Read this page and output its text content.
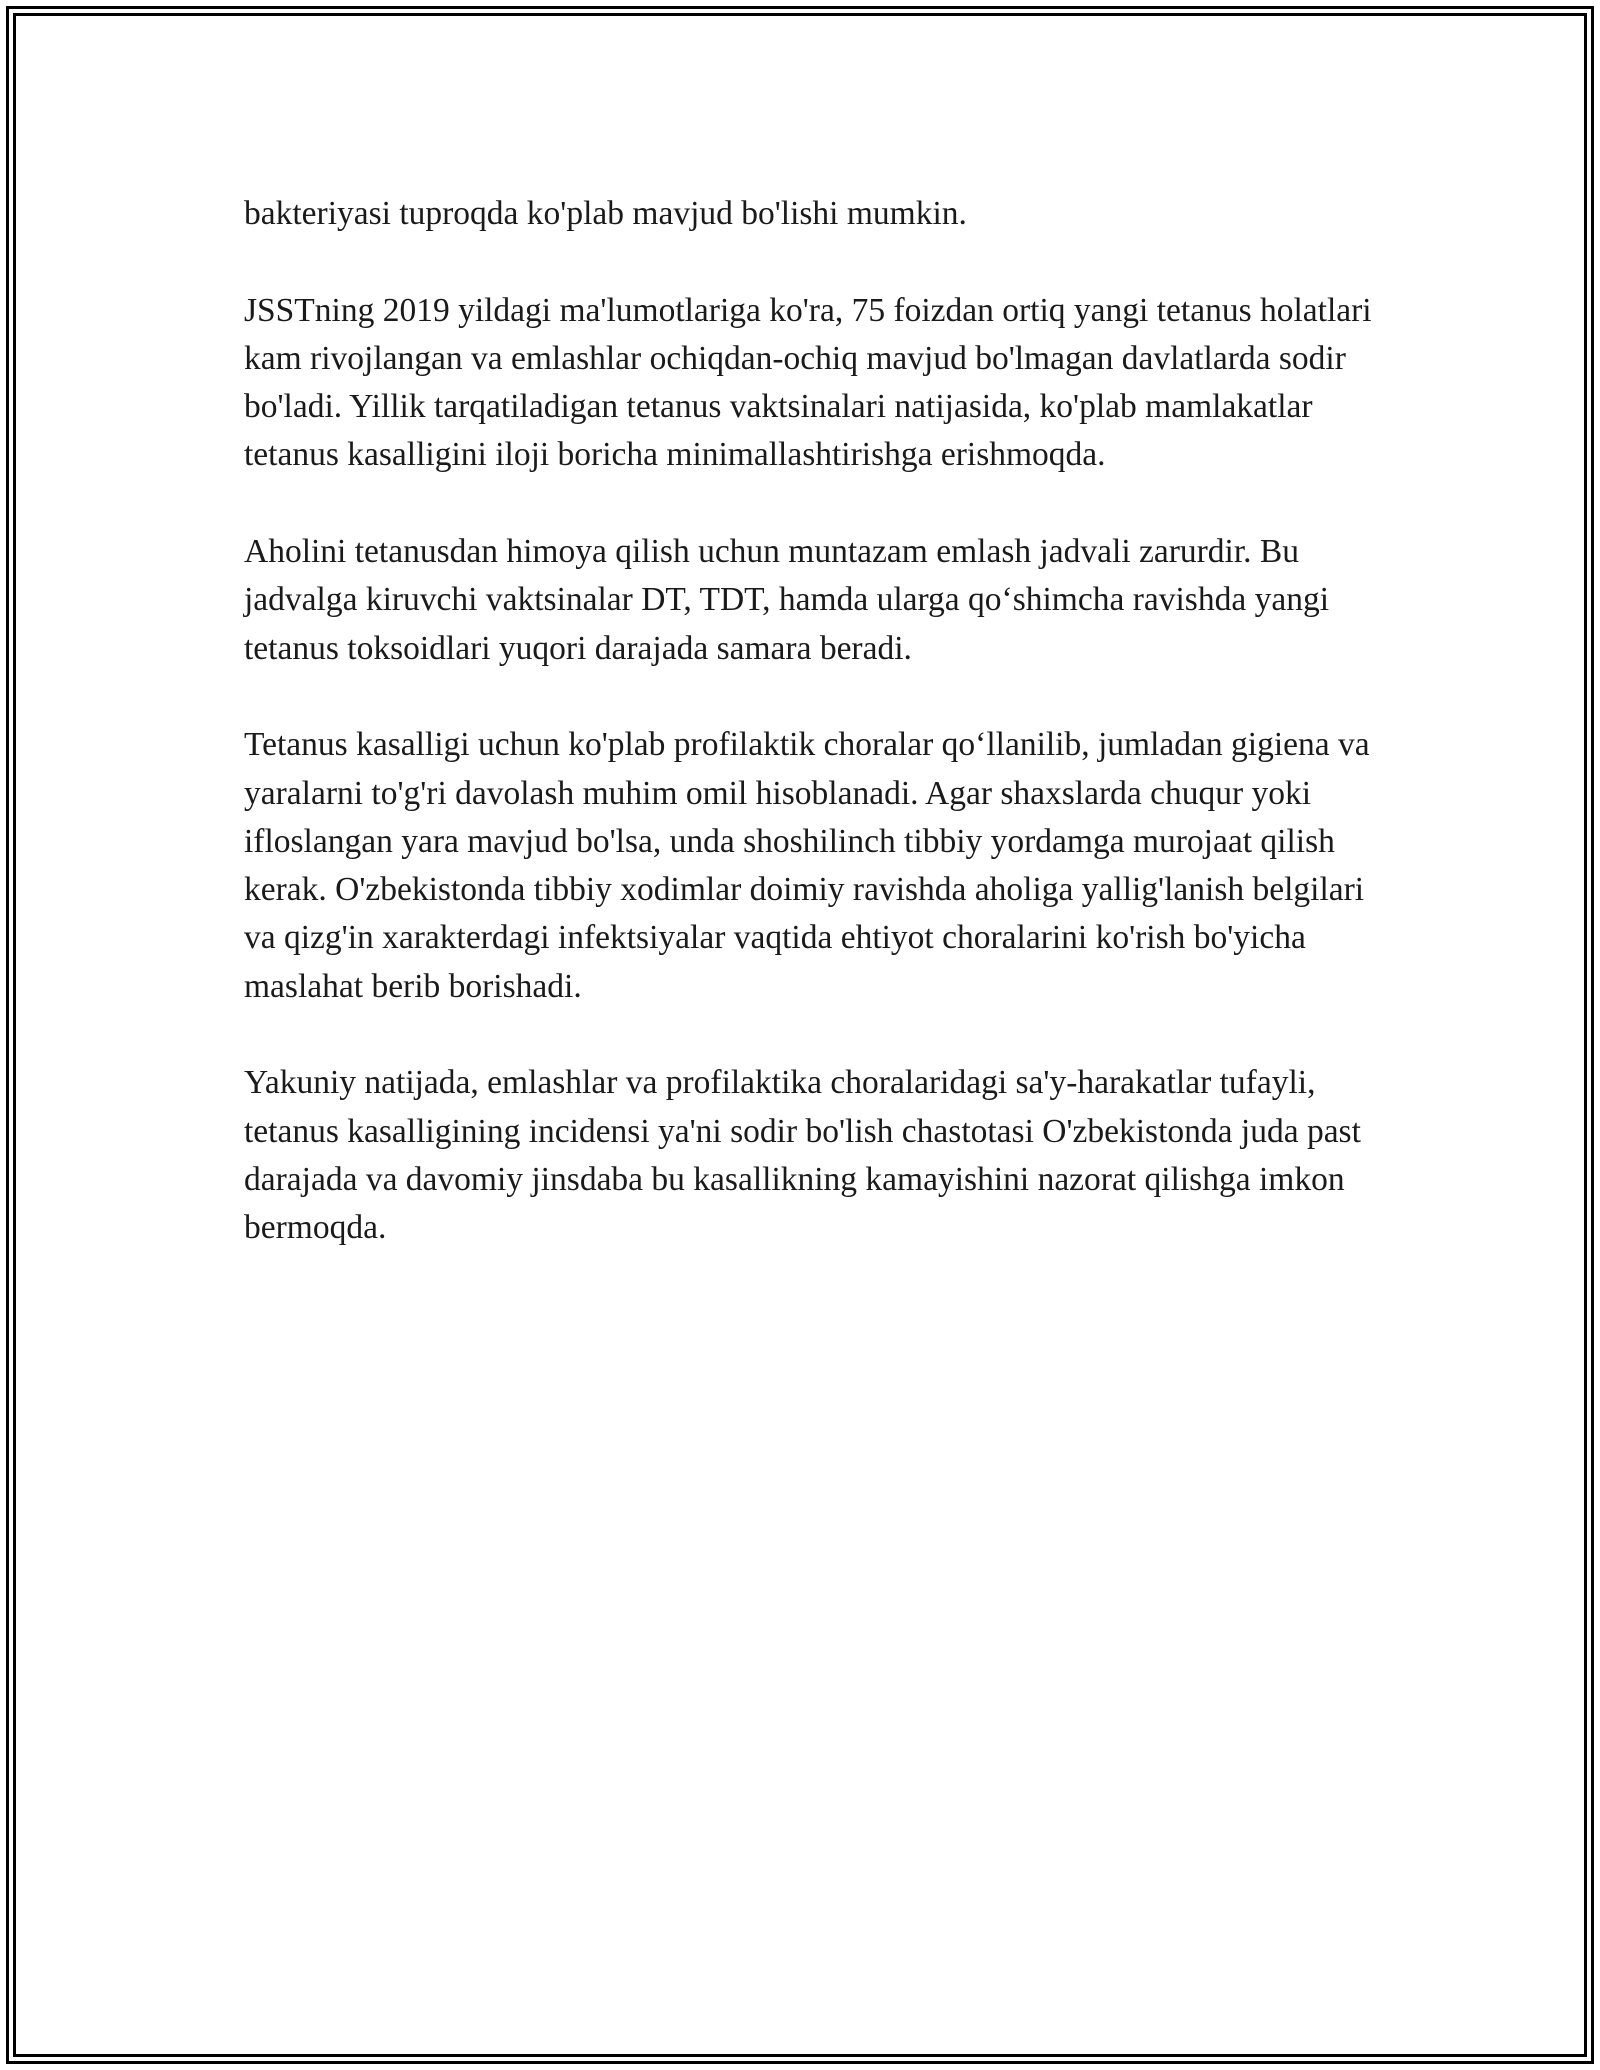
bakteriyasi tuproqda ko'plab mavjud bo'lishi mumkin.

JSSTning 2019 yildagi ma'lumotlariga ko'ra, 75 foizdan ortiq yangi tetanus holatlari kam rivojlangan va emlashlar ochiqdan-ochiq mavjud bo'lmagan davlatlarda sodir bo'ladi. Yillik tarqatiladigan tetanus vaktsinalari natijasida, ko'plab mamlakatlar tetanus kasalligini iloji boricha minimallashtirishga erishmoqda.

Aholini tetanusdan himoya qilish uchun muntazam emlash jadvali zarurdir. Bu jadvalga kiruvchi vaktsinalar DT, TDT, hamda ularga qo‘shimcha ravishda yangi tetanus toksoidlari yuqori darajada samara beradi.

Tetanus kasalligi uchun ko'plab profilaktik choralar qo‘llanilib, jumladan gigiena va yaralarni to'g'ri davolash muhim omil hisoblanadi. Agar shaxslarda chuqur yoki ifloslangan yara mavjud bo'lsa, unda shoshilinch tibbiy yordamga murojaat qilish kerak. O'zbekistonda tibbiy xodimlar doimiy ravishda aholiga yallig'lanish belgilari va qizg'in xarakterdagi infektsiyalar vaqtida ehtiyot choralarini ko'rish bo'yicha maslahat berib borishadi.

Yakuniy natijada, emlashlar va profilaktika choralaridagi sa'y-harakatlar tufayli, tetanus kasalligining incidensi ya'ni sodir bo'lish chastotasi O'zbekistonda juda past darajada va davomiy jinsdaba bu kasallikning kamayishini nazorat qilishga imkon bermoqda.
